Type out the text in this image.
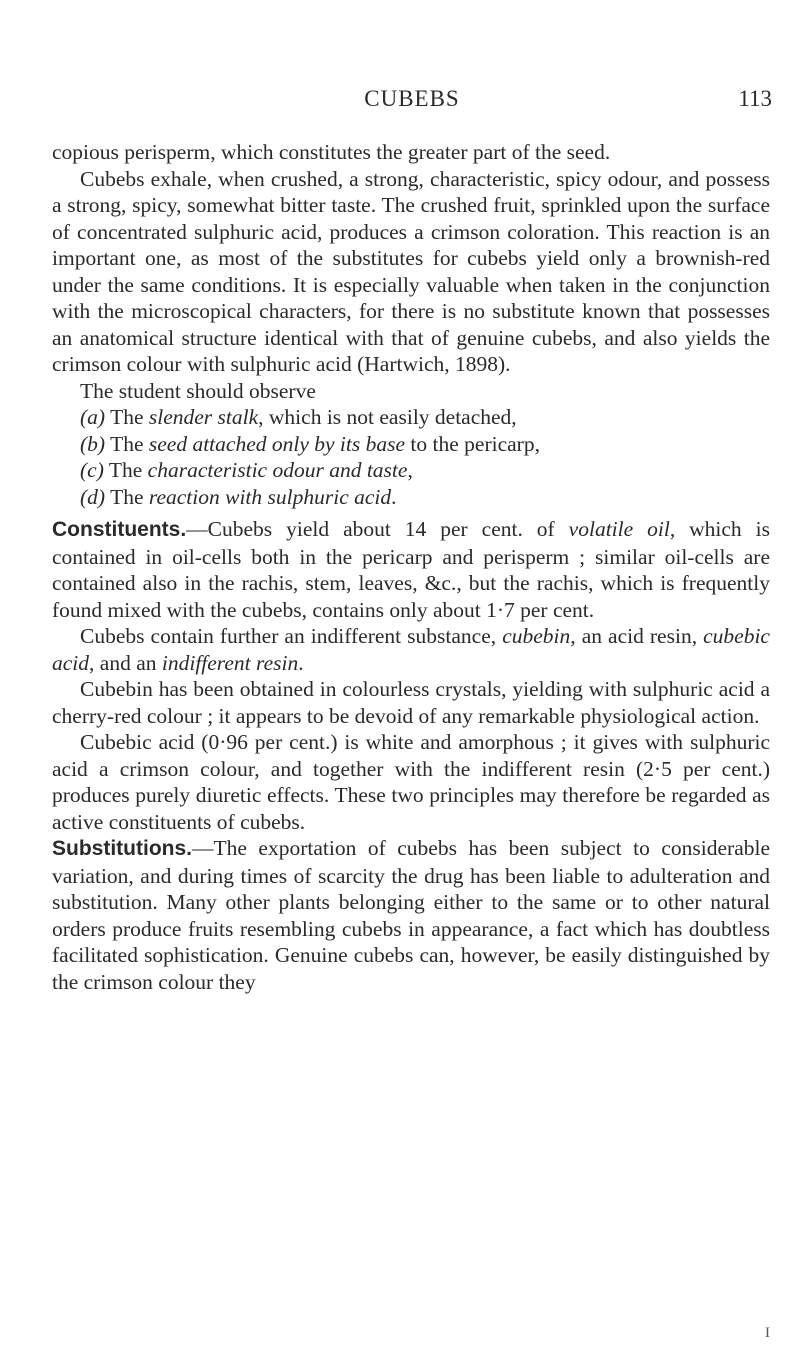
CUBEBS	113

copious perisperm, which constitutes the greater part of the seed.

Cubebs exhale, when crushed, a strong, characteristic, spicy odour, and possess a strong, spicy, somewhat bitter taste. The crushed fruit, sprinkled upon the surface of concentrated sulphuric acid, produces a crimson coloration. This reaction is an important one, as most of the substitutes for cubebs yield only a brownish-red under the same conditions. It is especially valuable when taken in the conjunction with the microscopical characters, for there is no substitute known that possesses an anatomical structure identical with that of genuine cubebs, and also yields the crimson colour with sulphuric acid (Hartwich, 1898).

The student should observe

(a) The slender stalk, which is not easily detached,

(b) The seed attached only by its base to the pericarp,

(c) The characteristic odour and taste,

(d) The reaction with sulphuric acid.

Constituents.—Cubebs yield about 14 per cent. of volatile oil, which is contained in oil-cells both in the pericarp and perisperm ; similar oil-cells are contained also in the rachis, stem, leaves, &c., but the rachis, which is frequently found mixed with the cubebs, contains only about 1·7 per cent.

Cubebs contain further an indifferent substance, cubebin, an acid resin, cubebic acid, and an indifferent resin.

Cubebin has been obtained in colourless crystals, yielding with sulphuric acid a cherry-red colour ; it appears to be devoid of any remarkable physiological action.

Cubebic acid (0·96 per cent.) is white and amorphous ; it gives with sulphuric acid a crimson colour, and together with the indifferent resin (2·5 per cent.) produces purely diuretic effects. These two principles may therefore be regarded as active constituents of cubebs.

Substitutions.—The exportation of cubebs has been subject to considerable variation, and during times of scarcity the drug has been liable to adulteration and substitution. Many other plants belonging either to the same or to other natural orders produce fruits resembling cubebs in appearance, a fact which has doubtless facilitated sophistication. Genuine cubebs can, however, be easily distinguished by the crimson colour they

I
